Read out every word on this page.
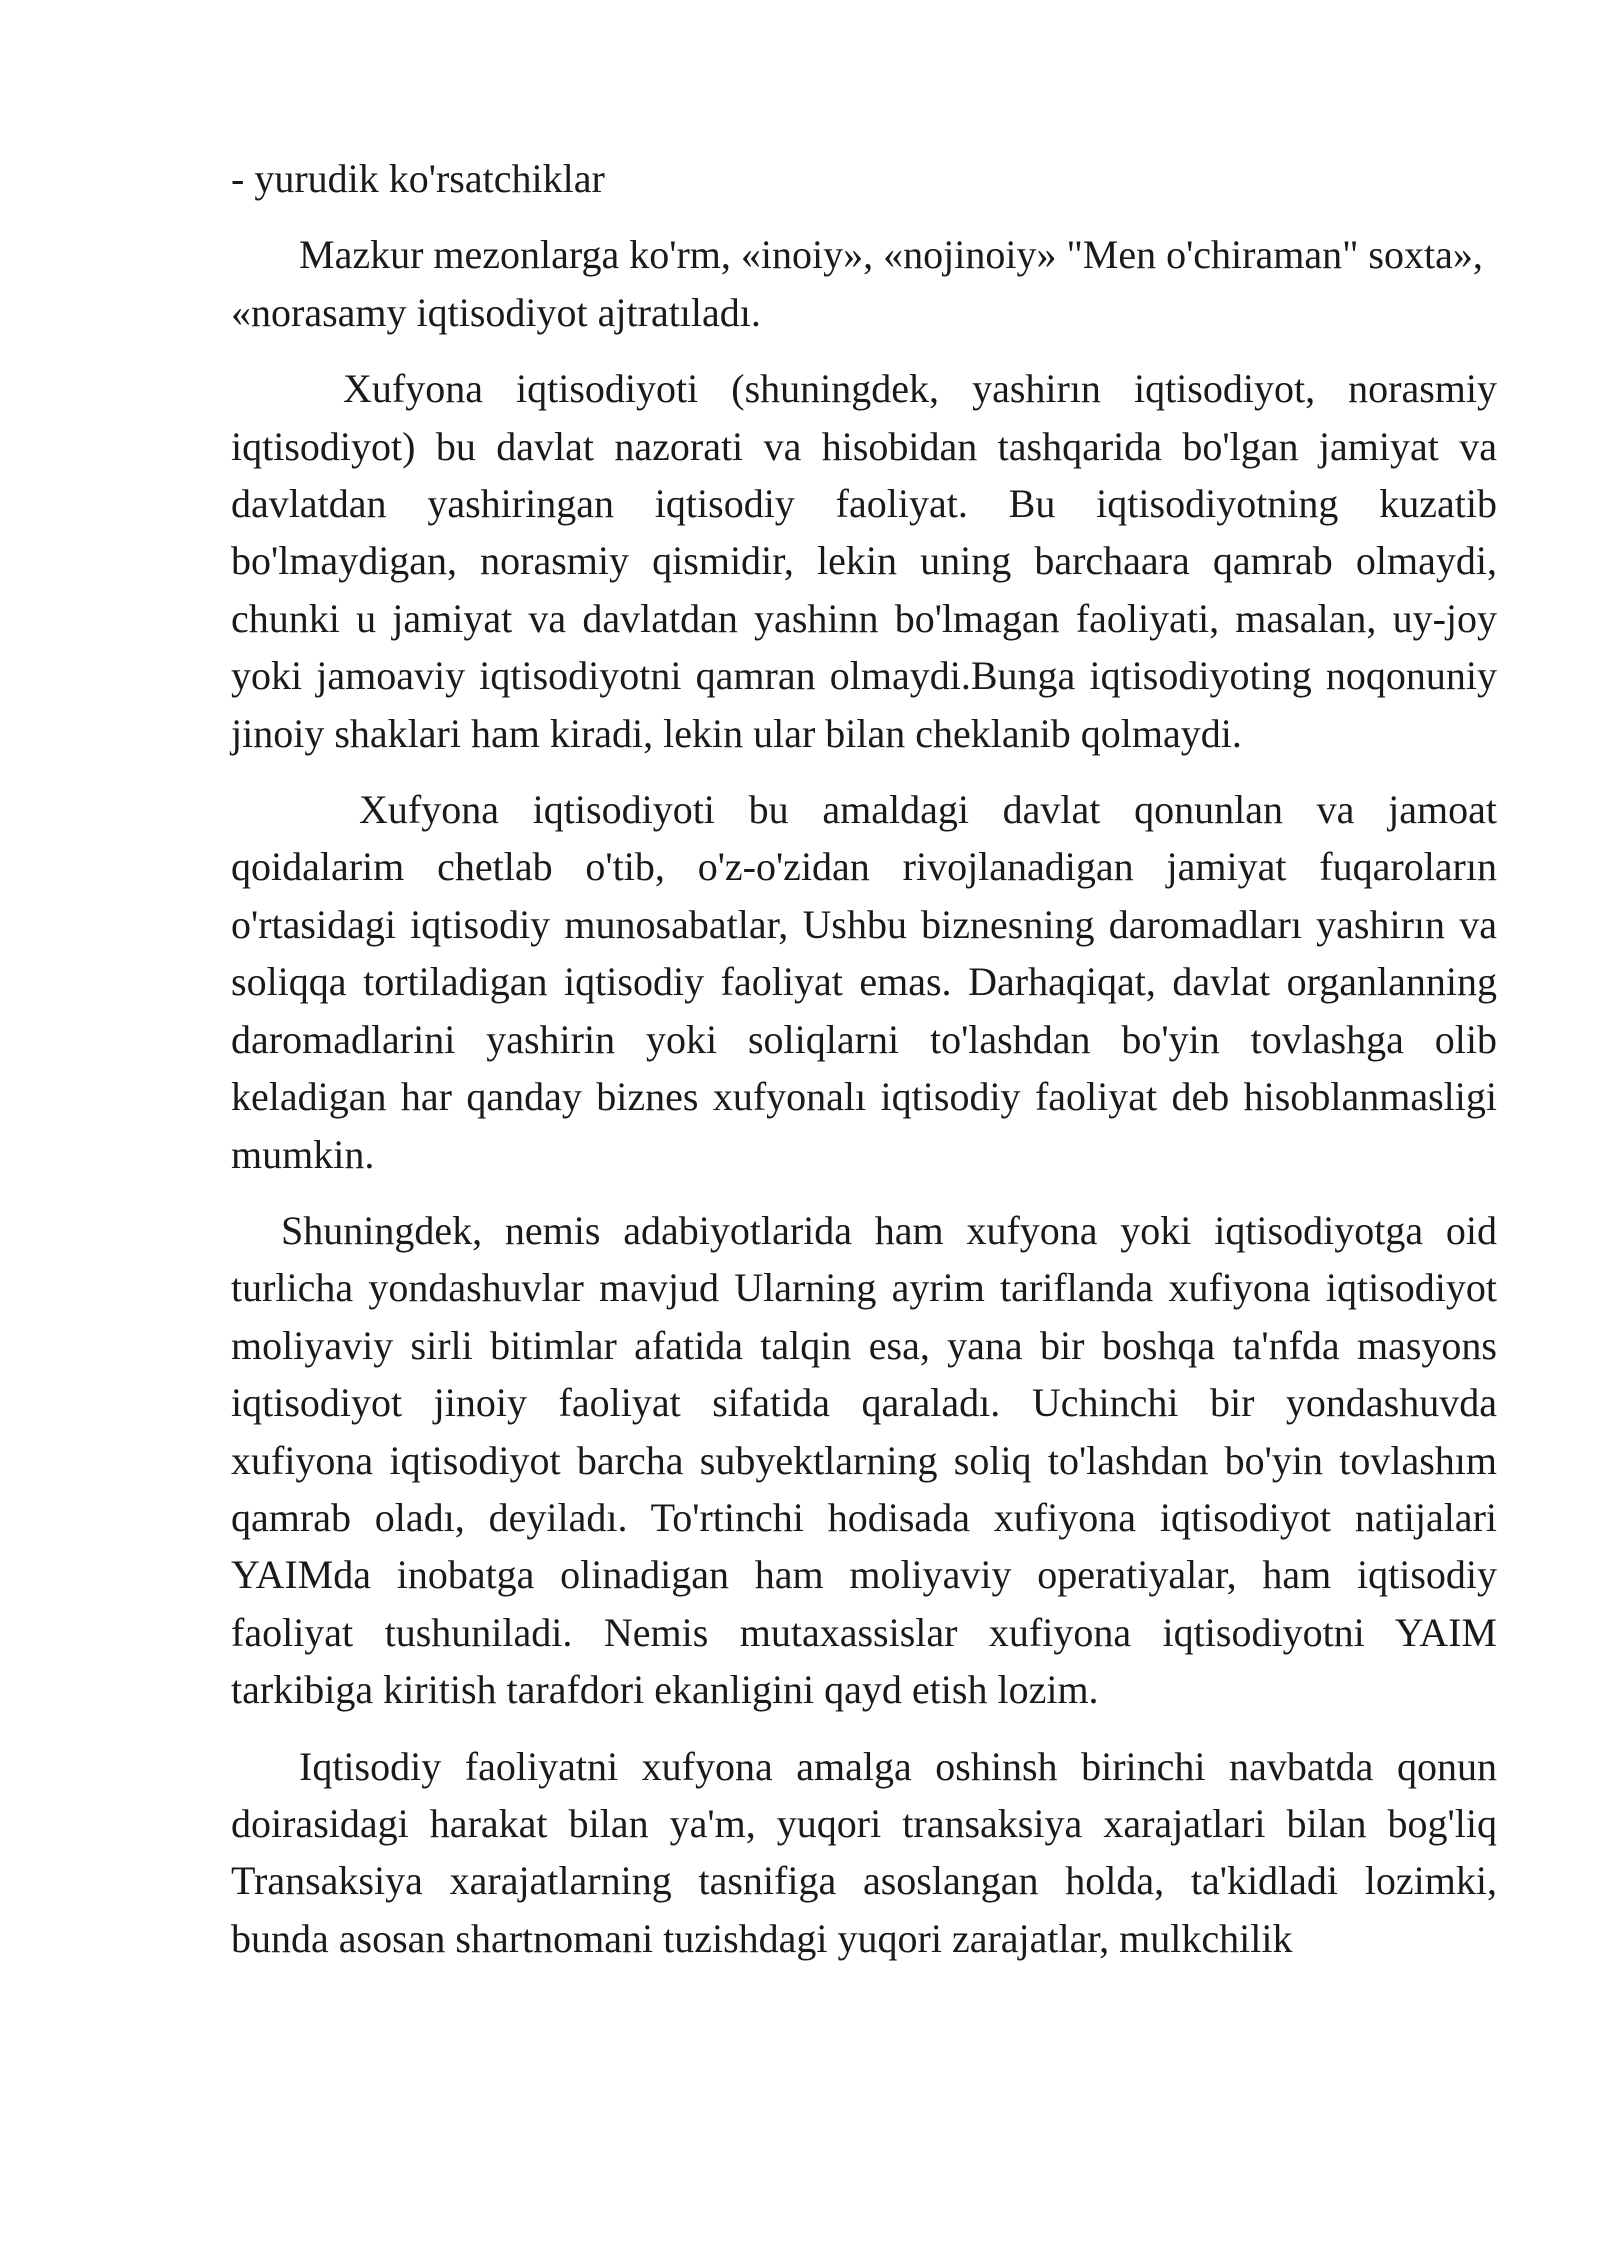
- yurudik ko'rsatchiklar

Mazkur mezonlarga ko'rm, «inoiy», «nojinoiy» "Men o'chiraman" soxta», «norasamy iqtisodiyot ajtratıladı.

Xufyona iqtisodiyoti (shuningdek, yashirın iqtisodiyot, norasmiy iqtisodiyot) bu davlat nazorati va hisobidan tashqarida bo'lgan jamiyat va davlatdan yashiringan iqtisodiy faoliyat. Bu iqtisodiyotning kuzatib bo'lmaydigan, norasmiy qismidir, lekin uning barchaara qamrab olmaydi, chunki u jamiyat va davlatdan yashinn bo'lmagan faoliyati, masalan, uy-joy yoki jamoaviy iqtisodiyotni qamran olmaydi.Bunga iqtisodiyoting noqonuniy jinoiy shaklari ham kiradi, lekin ular bilan cheklanib qolmaydi.

Xufyona iqtisodiyoti bu amaldagi davlat qonunlan va jamoat qoidalarim chetlab o'tib, o'z-o'zidan rivojlanadigan jamiyat fuqaroların o'rtasidagi iqtisodiy munosabatlar, Ushbu biznesning daromadları yashirın va soliqqa tortiladigan iqtisodiy faoliyat emas. Darhaqiqat, davlat organlanning daromadlarini yashirin yoki soliqlarni to'lashdan bo'yin tovlashga olib keladigan har qanday biznes xufyonalı iqtisodiy faoliyat deb hisoblanmasligi mumkin.

Shuningdek, nemis adabiyotlarida ham xufyona yoki iqtisodiyotga oid turlicha yondashuvlar mavjud Ularning ayrim tariflanda xufiyona iqtisodiyot moliyaviy sirli bitimlar afatida talqin esa, yana bir boshqa ta'nfda masyons iqtisodiyot jinoiy faoliyat sifatida qaraladı. Uchinchi bir yondashuvda xufiyona iqtisodiyot barcha subyektlarning soliq to'lashdan bo'yin tovlashım qamrab oladı, deyiladı. To'rtinchi hodisada xufiyona iqtisodiyot natijalari YAIMda inobatga olinadigan ham moliyaviy operatiyalar, ham iqtisodiy faoliyat tushuniladi. Nemis mutaxassislar xufiyona iqtisodiyotni YAIM tarkibiga kiritish tarafdori ekanligini qayd etish lozim.

Iqtisodiy faoliyatni xufyona amalga oshinsh birinchi navbatda qonun doirasidagi harakat bilan ya'm, yuqori transaksiya xarajatlari bilan bog'liq Transaksiya xarajatlarning tasnifiga asoslangan holda, ta'kidladi lozimki, bunda asosan shartnomani tuzishdagi yuqori zarajatlar, mulkchilik
